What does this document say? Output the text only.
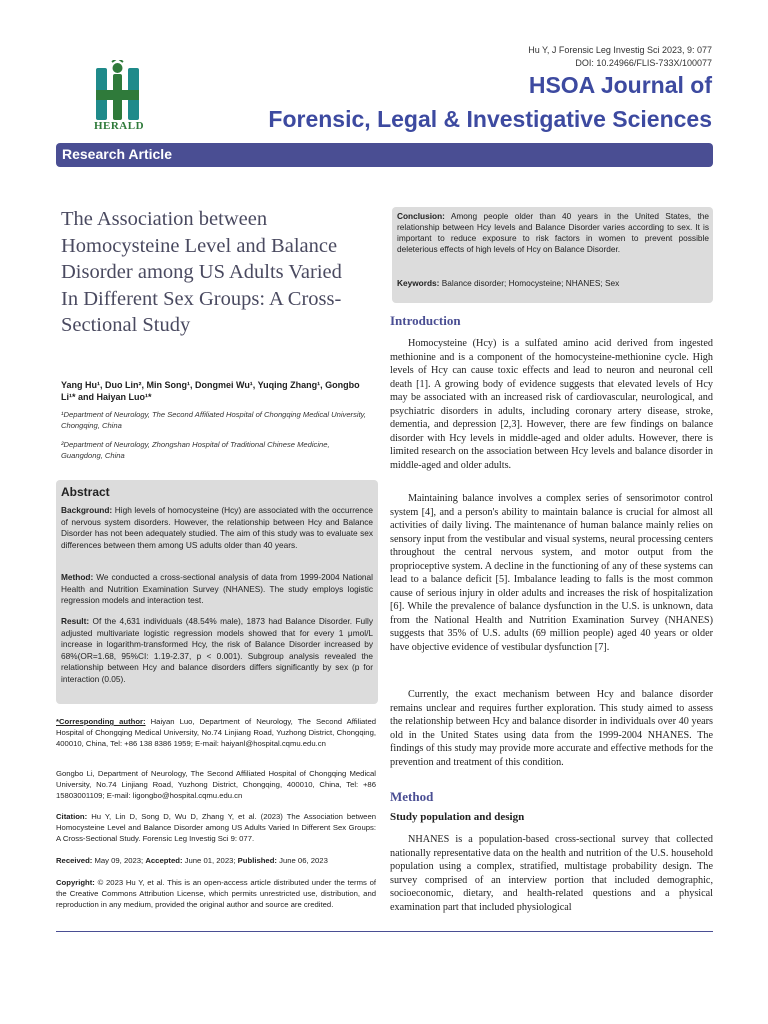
Hu Y, J Forensic Leg Investig Sci 2023, 9: 077
DOI: 10.24966/FLIS-733X/100077
HERALD
HSOA Journal of
Forensic, Legal & Investigative Sciences
Research Article
The Association between Homocysteine Level and Balance Disorder among US Adults Varied In Different Sex Groups: A Cross-Sectional Study
Yang Hu¹, Duo Lin², Min Song¹, Dongmei Wu¹, Yuqing Zhang¹, Gongbo Li¹* and Haiyan Luo¹*
¹Department of Neurology, The Second Affiliated Hospital of Chongqing Medical University, Chongqing, China
²Department of Neurology, Zhongshan Hospital of Traditional Chinese Medicine, Guangdong, China
Abstract

Background: High levels of homocysteine (Hcy) are associated with the occurrence of nervous system disorders. However, the relationship between Hcy and Balance Disorder has not been adequately studied. The aim of this study was to evaluate sex differences between them among US adults older than 40 years.

Method: We conducted a cross-sectional analysis of data from 1999-2004 National Health and Nutrition Examination Survey (NHANES). The study employs logistic regression models and interaction test.

Result: Of the 4,631 individuals (48.54% male), 1873 had Balance Disorder. Fully adjusted multivariate logistic regression models showed that for every 1 μmol/L increase in logarithm-transformed Hcy, the risk of Balance Disorder increased by 68%(OR=1.68, 95%CI: 1.19-2.37, p < 0.001). Subgroup analysis revealed the relationship between Hcy and balance disorders differs significantly by sex (p for interaction (0.05).

*Corresponding author: Haiyan Luo, Department of Neurology, The Second Affiliated Hospital of Chongqing Medical University, No.74 Linjiang Road, Yuzhong District, Chongqing, 400010, China, Tel: +86 138 8386 1959; E-mail: haiyanl@hospital.cqmu.edu.cn

Gongbo Li, Department of Neurology, The Second Affiliated Hospital of Chongqing Medical University, No.74 Linjiang Road, Yuzhong District, Chongqing, 400010, China, Tel: +86 15803001109; E-mail: ligongbo@hospital.cqmu.edu.cn

Citation: Hu Y, Lin D, Song D, Wu D, Zhang Y, et al. (2023) The Association between Homocysteine Level and Balance Disorder among US Adults Varied In Different Sex Groups: A Cross-Sectional Study. Forensic Leg Investig Sci 9: 077.

Received: May 09, 2023; Accepted: June 01, 2023; Published: June 06, 2023

Copyright: © 2023 Hu Y, et al. This is an open-access article distributed under the terms of the Creative Commons Attribution License, which permits unrestricted use, distribution, and reproduction in any medium, provided the original author and source are credited.

Conclusion: Among people older than 40 years in the United States, the relationship between Hcy levels and Balance Disorder varies according to sex. It is important to reduce exposure to risk factors in women to prevent possible deleterious effects of high levels of Hcy on Balance Disorder.

Keywords: Balance disorder; Homocysteine; NHANES; Sex

Introduction

Homocysteine (Hcy) is a sulfated amino acid derived from ingested methionine and is a component of the homocysteine-methionine cycle. High levels of Hcy can cause toxic effects and lead to neuron and neuronal cell death [1]. A growing body of evidence suggests that elevated levels of Hcy may be associated with an increased risk of cardiovascular, neurological, and psychiatric disorders in adults, including coronary artery disease, stroke, dementia, and depression [2,3]. However, there are few findings on balance disorder with Hcy levels in middle-aged and older adults. However, there is limited research on the association between Hcy levels and balance disorder in middle-aged and older adults.

Maintaining balance involves a complex series of sensorimotor control system [4], and a person's ability to maintain balance is crucial for almost all activities of daily living. The maintenance of human balance mainly relies on sensory input from the vestibular and visual systems, neural processing centers throughout the central nervous system, and motor output from the proprioceptive system. A decline in the functioning of any of these systems can lead to a balance deficit [5]. Imbalance leading to falls is the most common cause of serious injury in older adults and increases the risk of hospitalization [6]. While the prevalence of balance dysfunction in the U.S. is unknown, data from the National Health and Nutrition Examination Survey (NHANES) suggests that 35% of U.S. adults (69 million people) aged 40 years or older have objective evidence of vestibular dysfunction [7].

Currently, the exact mechanism between Hcy and balance disorder remains unclear and requires further exploration. This study aimed to assess the relationship between Hcy and balance disorder in individuals over 40 years old in the United States using data from the 1999-2004 NHANES. The findings of this study may provide more accurate and effective methods for the prevention and treatment of this condition.

Method
Study population and design

NHANES is a population-based cross-sectional survey that collected nationally representative data on the health and nutrition of the U.S. household population using a complex, stratified, multistage probability design. The survey comprised of an interview portion that included demographic, socioeconomic, dietary, and health-related questions and a physical examination part that included physiological
